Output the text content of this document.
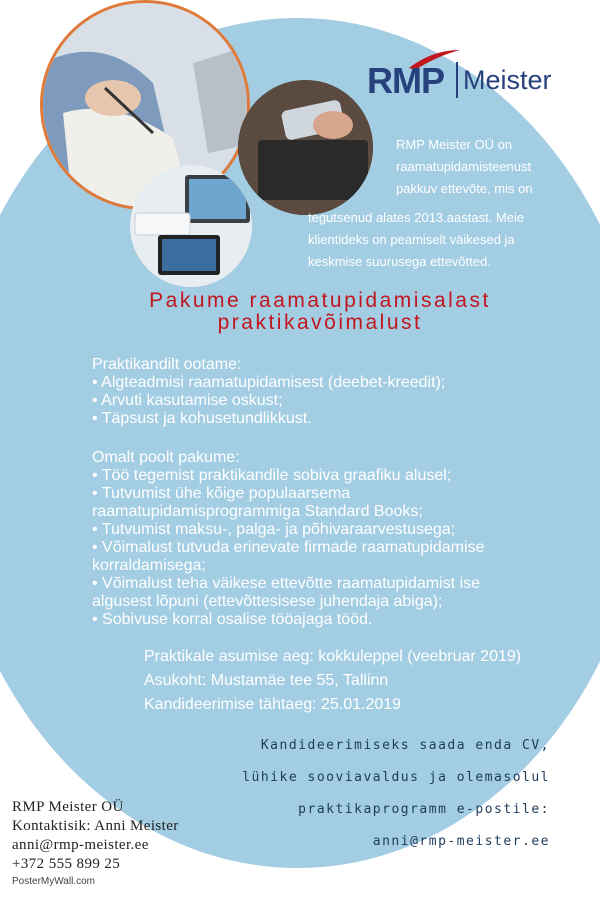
RMP Meister
RMP Meister OÜ on
raamatupidamisteenust
pakkuv ettevõte, mis on
tegutsenud alates 2013.aastast. Meie
klientideks on peamiselt väikesed ja
keskmise suurusega ettevõtted.
Pakume raamatupidamisalast
praktikavõimalust
Praktikandilt ootame:
• Algteadmisi raamatupidamisest (deebet-kreedit);
• Arvuti kasutamise oskust;
• Täpsust ja kohusetundlikkust.
Omalt poolt pakume:
• Töö tegemist praktikandile sobiva graafiku alusel;
• Tutvumist ühe kõige populaarsema
raamatupidamisprogrammiga Standard Books;
• Tutvumist maksu-, palga- ja põhivaraarvestusega;
• Võimalust tutvuda erinevate firmade raamatupidamise
korraldamisega;
• Võimalust teha väikese ettevõtte raamatupidamist ise
algusest lõpuni (ettevõttesisese juhendaja abiga);
• Sobivuse korral osalise tööajaga tööd.
Praktikale asumise aeg: kokkuleppel (veebruar 2019)
Asukoht: Mustamäe tee 55, Tallinn
Kandideerimise tähtaeg: 25.01.2019
Kandideerimiseks saada enda CV,
lühike sooviavaldus ja olemasolul
praktikaprogramm e-postile:
anni@rmp-meister.ee
RMP Meister OÜ
Kontaktisik: Anni Meister
anni@rmp-meister.ee
+372 555 899 25
PosterMyWall.com
